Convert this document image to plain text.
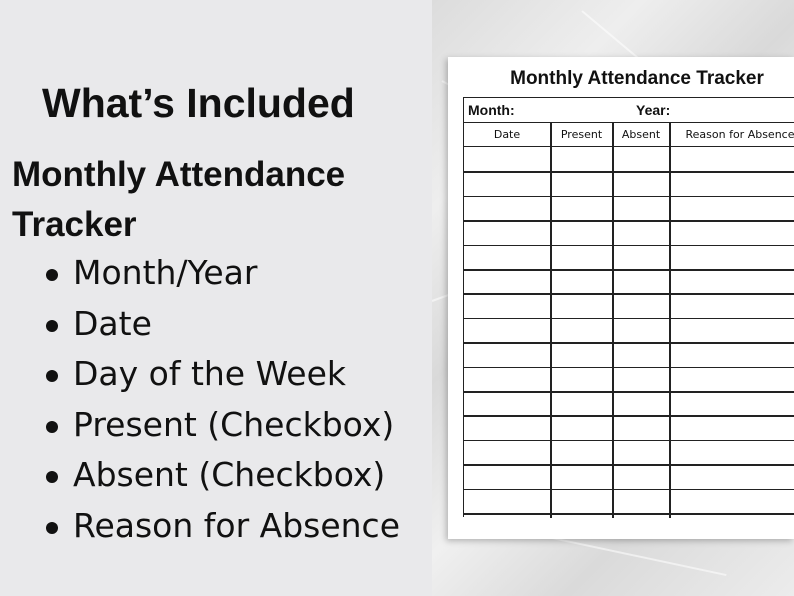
What’s Included
Monthly Attendance Tracker
Month/Year
Date
Day of the Week
Present (Checkbox)
Absent (Checkbox)
Reason for Absence
Monthly Attendance Tracker
Month:	Year:
Date	Present	Absent	Reason for Absence
